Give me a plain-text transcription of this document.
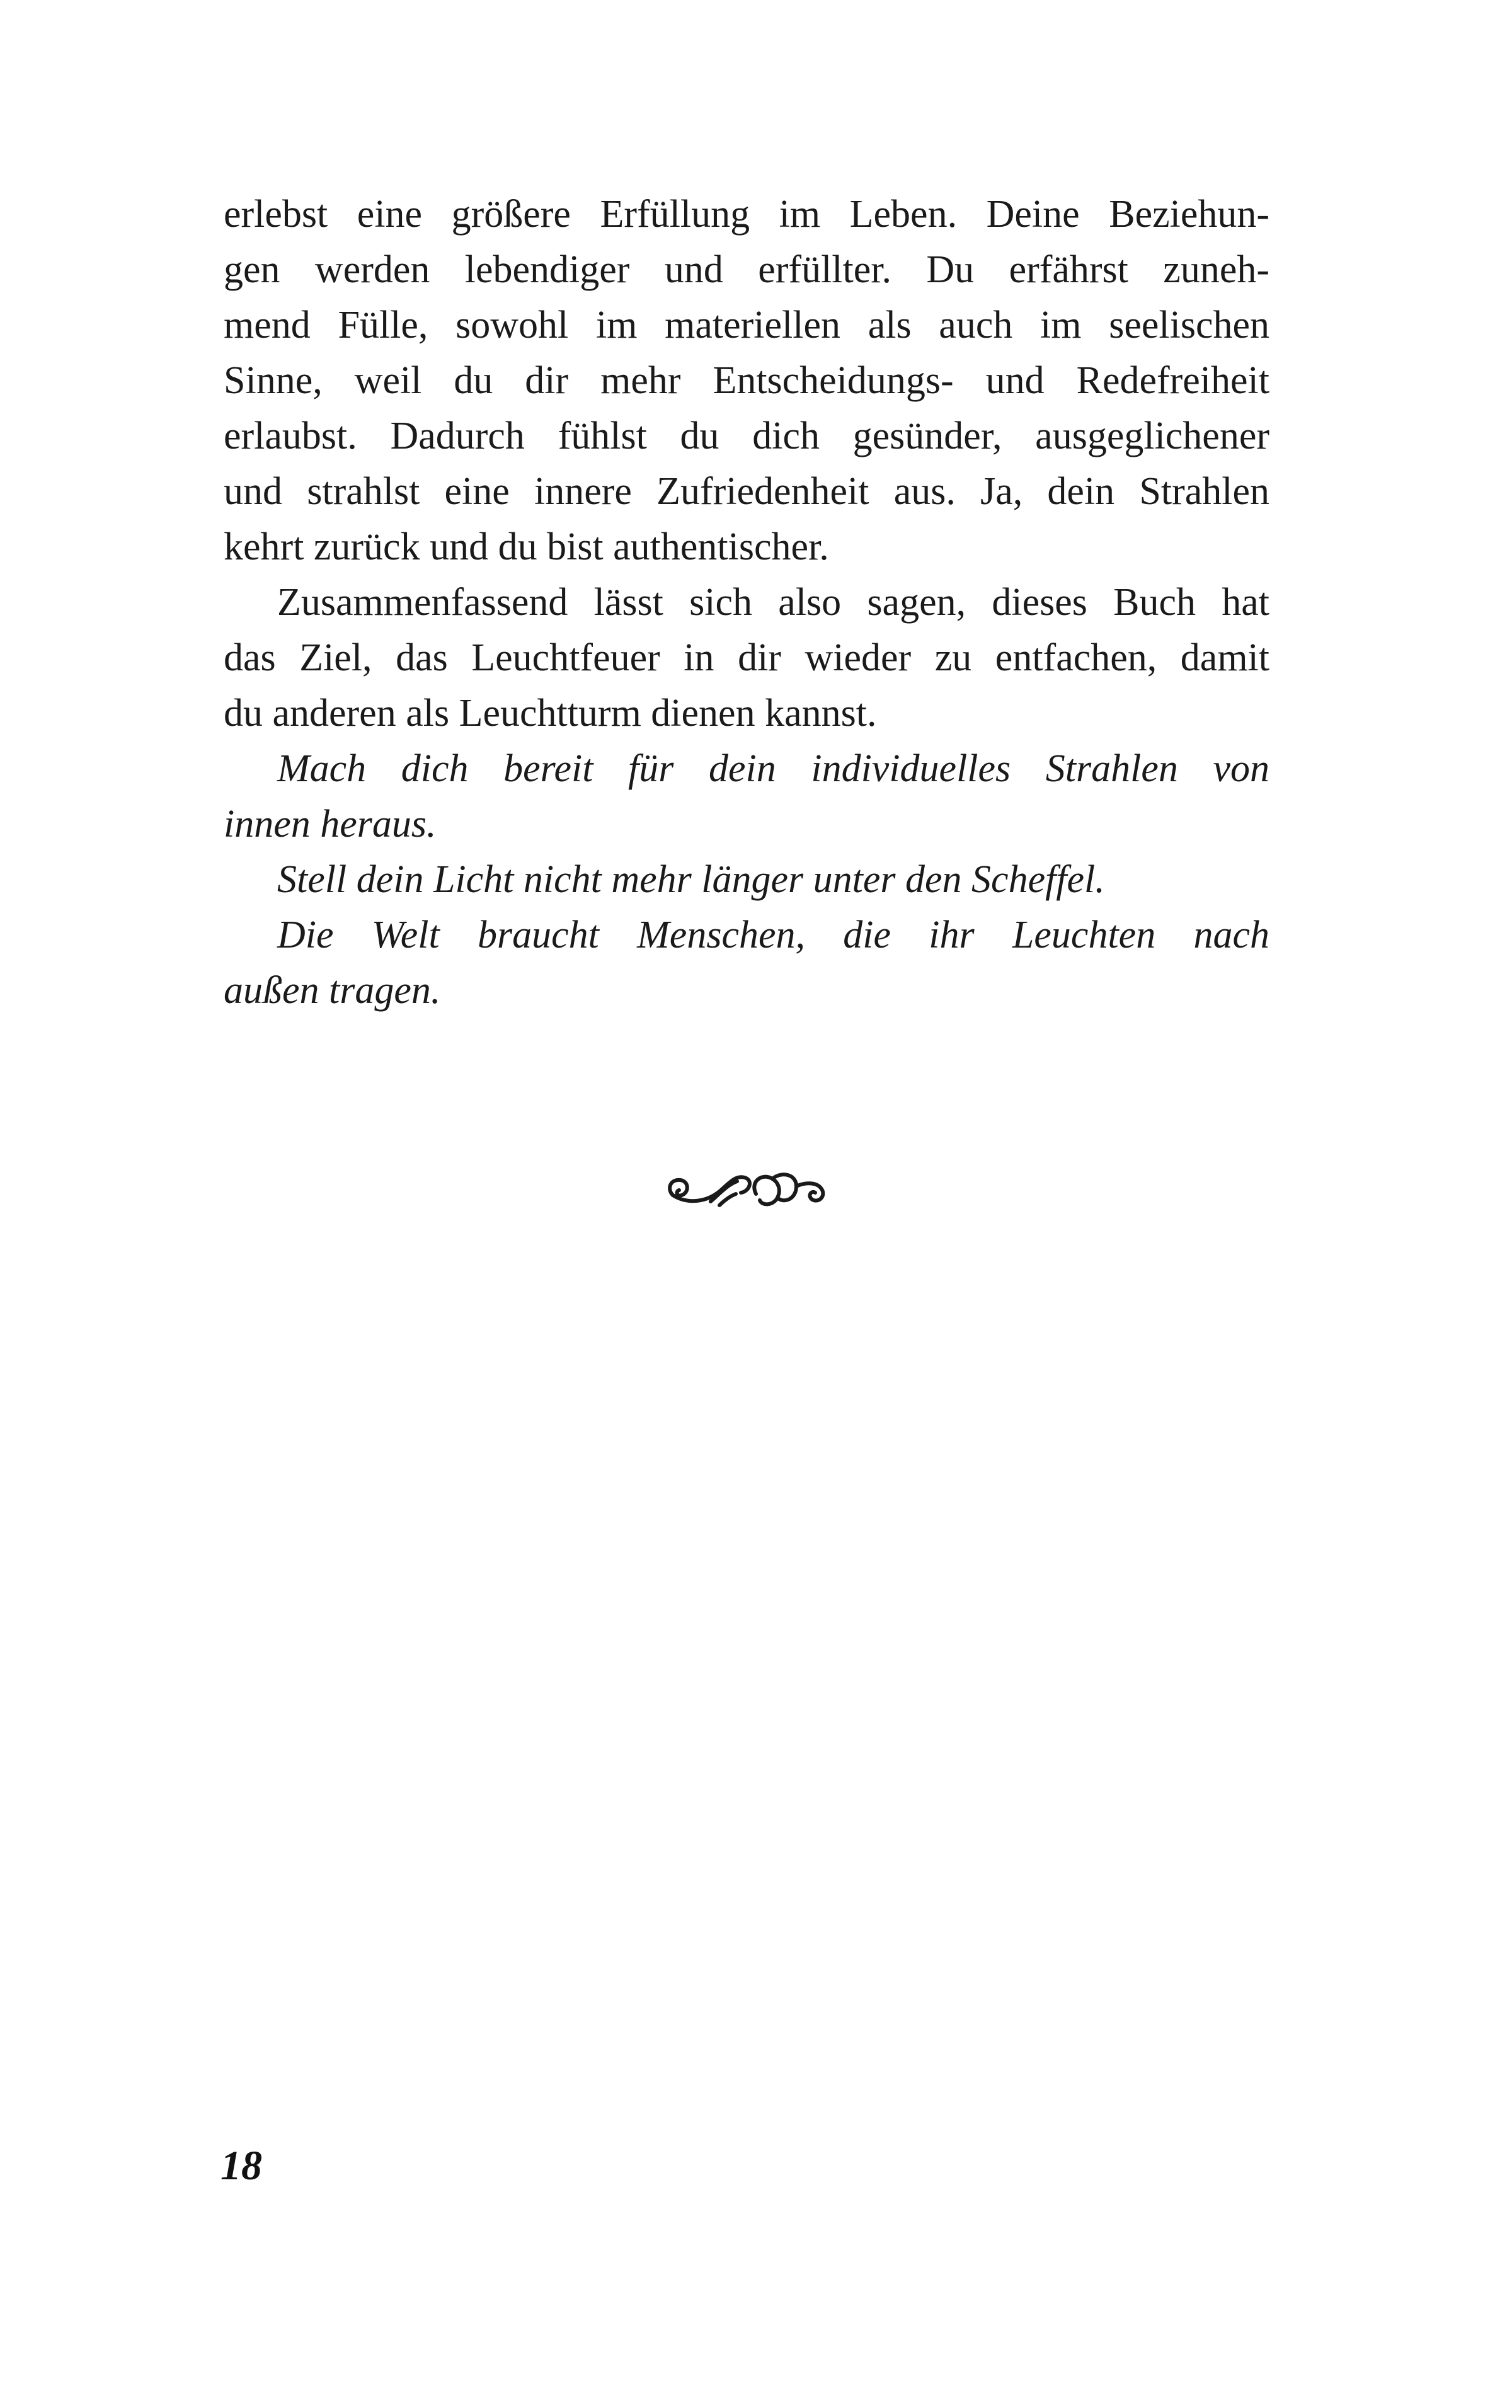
erlebst eine größere Erfüllung im Leben. Deine Beziehun-
gen werden lebendiger und erfüllter. Du erfährst zuneh-
mend Fülle, sowohl im materiellen als auch im seelischen
Sinne, weil du dir mehr Entscheidungs- und Redefreiheit
erlaubst. Dadurch fühlst du dich gesünder, ausgeglichener
und strahlst eine innere Zufriedenheit aus. Ja, dein Strahlen
kehrt zurück und du bist authentischer.
Zusammenfassend lässt sich also sagen, dieses Buch hat
das Ziel, das Leuchtfeuer in dir wieder zu entfachen, damit
du anderen als Leuchtturm dienen kannst.
Mach dich bereit für dein individuelles Strahlen von
innen heraus.
Stell dein Licht nicht mehr länger unter den Scheffel.
Die Welt braucht Menschen, die ihr Leuchten nach
außen tragen.
18
